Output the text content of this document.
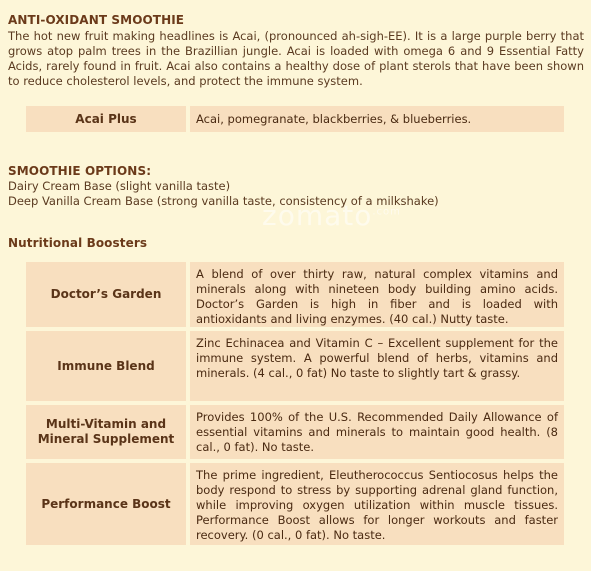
ANTI-OXIDANT SMOOTHIE

The hot new fruit making headlines is Acai, (pronounced ah-sigh-EE). It is a large purple berry that grows atop palm trees in the Brazillian jungle. Acai is loaded with omega 6 and 9 Essential Fatty Acids, rarely found in fruit. Acai also contains a healthy dose of plant sterols that have been shown to reduce cholesterol levels, and protect the immune system.

Acai Plus	Acai, pomegranate, blackberries, & blueberries.
SMOOTHIE OPTIONS:
Dairy Cream Base (slight vanilla taste)
Deep Vanilla Cream Base (strong vanilla taste, consistency of a milkshake)
zomato$^{.com}$
Nutritional Boosters
Doctor’s Garden
A blend of over thirty raw, natural complex vitamins and minerals along with nineteen body building amino acids. Doctor’s Garden is high in fiber and is loaded with antioxidants and living enzymes. (40 cal.) Nutty taste.
Immune Blend
Zinc Echinacea and Vitamin C – Excellent supplement for the immune system. A powerful blend of herbs, vitamins and minerals. (4 cal., 0 fat) No taste to slightly tart & grassy.
Multi-Vitamin and Mineral Supplement
Provides 100% of the U.S. Recommended Daily Allowance of essential vitamins and minerals to maintain good health. (8 cal., 0 fat). No taste.
Performance Boost
The prime ingredient, Eleutherococcus Sentiocosus helps the body respond to stress by supporting adrenal gland function, while improving oxygen utilization within muscle tissues. Performance Boost allows for longer workouts and faster recovery. (0 cal., 0 fat). No taste.
